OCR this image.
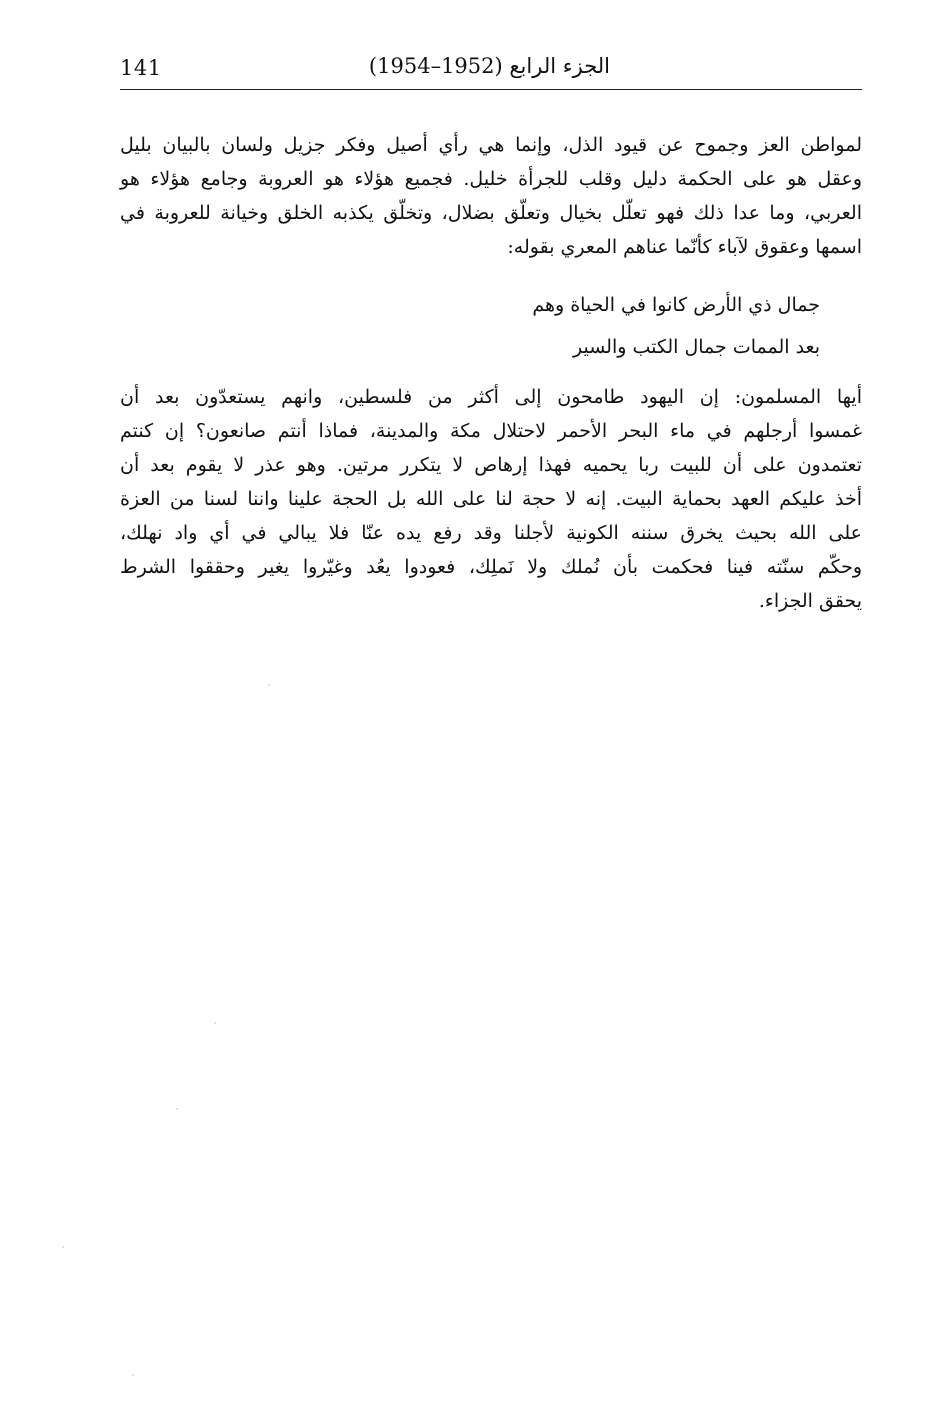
141	الجزء الرابع (1952–1954)
لمواطن العز وجموح عن قيود الذل، وإنما هي رأي أصيل وفكر جزيل ولسان بالبيان بليل
وعقل هو على الحكمة دليل وقلب للجرأة خليل. فجميع هؤلاء هو العروبة وجامع هؤلاء هو
العربي، وما عدا ذلك فهو تعلّل بخيال وتعلّق بضلال، وتخلّق يكذبه الخلق وخيانة للعروبة في
اسمها وعقوق لآباء كأنّما عناهم المعري بقوله:
جمال ذي الأرض كانوا في الحياة وهم
بعد الممات جمال الكتب والسير
أيها المسلمون: إن اليهود طامحون إلى أكثر من فلسطين، وانهم يستعدّون بعد أن
غمسوا أرجلهم في ماء البحر الأحمر لاحتلال مكة والمدينة، فماذا أنتم صانعون؟ إن كنتم
تعتمدون على أن للبيت ربا يحميه فهذا إرهاص لا يتكرر مرتين. وهو عذر لا يقوم بعد أن
أخذ عليكم العهد بحماية البيت. إنه لا حجة لنا على الله بل الحجة علينا واننا لسنا من العزة
على الله بحيث يخرق سننه الكونية لأجلنا وقد رفع يده عنّا فلا يبالي في أي واد نهلك،
وحكّم سنّته فينا فحكمت بأن نُملك ولا نَملِك، فعودوا يعُد وغيّروا يغير وحققوا الشرط
يحقق الجزاء.
